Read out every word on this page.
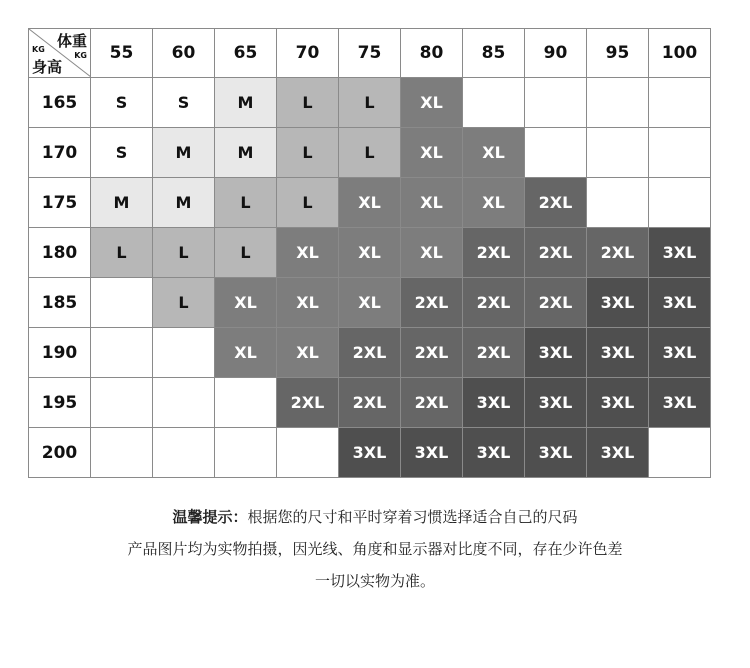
体重
KG
KG
身高	55	60	65	70	75	80	85	90	95	100
165	S	S	M	L	L	XL				
170	S	M	M	L	L	XL	XL			
175	M	M	L	L	XL	XL	XL	2XL		
180	L	L	L	XL	XL	XL	2XL	2XL	2XL	3XL
185		L	XL	XL	XL	2XL	2XL	2XL	3XL	3XL
190			XL	XL	2XL	2XL	2XL	3XL	3XL	3XL
195				2XL	2XL	2XL	3XL	3XL	3XL	3XL
200					3XL	3XL	3XL	3XL	3XL	

温馨提示：根据您的尺寸和平时穿着习惯选择适合自己的尺码

产品图片均为实物拍摄，因光线、角度和显示器对比度不同，存在少许色差

一切以实物为准。
